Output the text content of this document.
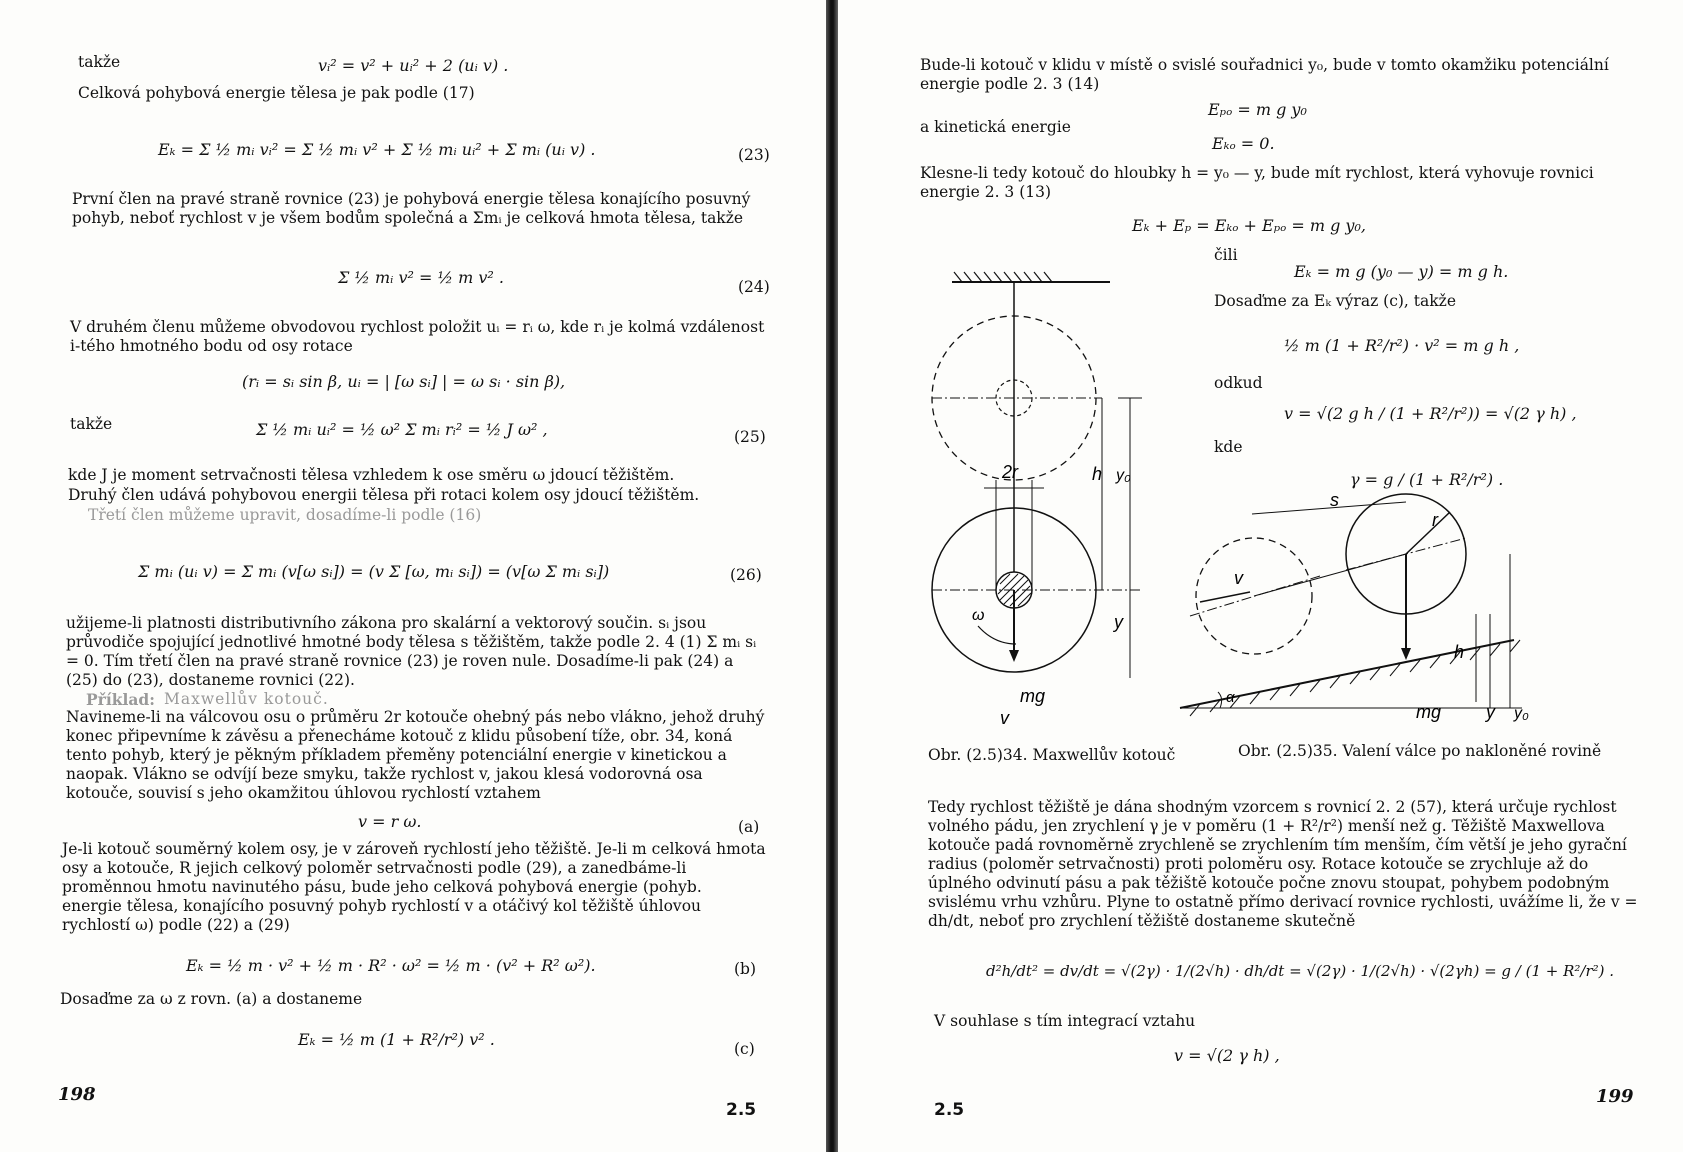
takže	vᵢ² = v² + uᵢ² + 2 (uᵢ v) .
Celková pohybová energie tělesa je pak podle (17)
Eₖ = Σ ½ mᵢ vᵢ² = Σ ½ mᵢ v² + Σ ½ mᵢ uᵢ² + Σ mᵢ (uᵢ v) .	(23)
První člen na pravé straně rovnice (23) je pohybová energie tělesa konajícího posuvný pohyb, neboť rychlost v je všem bodům společná a Σmᵢ je celková hmota tělesa, takže
Σ ½ mᵢ v² = ½ m v² .	(24)
V druhém členu můžeme obvodovou rychlost položit uᵢ = rᵢ ω, kde rᵢ je kolmá vzdálenost i-tého hmotného bodu od osy rotace
(rᵢ = sᵢ sin β, uᵢ = | [ω sᵢ] | = ω sᵢ · sin β),
takže	Σ ½ mᵢ uᵢ² = ½ ω² Σ mᵢ rᵢ² = ½ J ω² ,	(25)
kde J je moment setrvačnosti tělesa vzhledem k ose směru ω jdoucí těžištěm.
Druhý člen udává pohybovou energii tělesa při rotaci kolem osy jdoucí těžištěm.
Třetí člen můžeme upravit, dosadíme-li podle (16)
Σ mᵢ (uᵢ v) = Σ mᵢ (v[ω sᵢ]) = (v Σ [ω, mᵢ sᵢ]) = (v[ω Σ mᵢ sᵢ])	(26)
užijeme-li platnosti distributivního zákona pro skalární a vektorový součin. sᵢ jsou průvodiče spojující jednotlivé hmotné body tělesa s těžištěm, takže podle 2. 4 (1) Σ mᵢ sᵢ = 0. Tím třetí člen na pravé straně rovnice (23) je roven nule. Dosadíme-li pak (24) a (25) do (23), dostaneme rovnici (22).
Příklad: Maxwellův kotouč.
Navineme-li na válcovou osu o průměru 2r kotouče ohebný pás nebo vlákno, jehož druhý konec připevníme k závěsu a přenecháme kotouč z klidu působení tíže, obr. 34, koná tento pohyb, který je pěkným příkladem přeměny potenciální energie v kinetickou a naopak. Vlákno se odvíjí beze smyku, takže rychlost v, jakou klesá vodorovná osa kotouče, souvisí s jeho okamžitou úhlovou rychlostí vztahem
v = r ω.	(a)
Je-li kotouč souměrný kolem osy, je v zároveň rychlostí jeho těžiště. Je-li m celková hmota osy a kotouče, R jejich celkový poloměr setrvačnosti podle (29), a zanedbáme-li proměnnou hmotu navinutého pásu, bude jeho celková pohybová energie (pohyb. energie tělesa, konajícího posuvný pohyb rychlostí v a otáčivý kol těžiště úhlovou rychlostí ω) podle (22) a (29)
Eₖ = ½ m · v² + ½ m · R² · ω² = ½ m · (v² + R² ω²).	(b)
Dosaďme za ω z rovn. (a) a dostaneme
Eₖ = ½ m (1 + R²/r²) v² .	(c)
198
2.5
Bude-li kotouč v klidu v místě o svislé souřadnici y₀, bude v tomto okamžiku potenciální energie podle 2. 3 (14)
Eₚₒ = m g y₀
a kinetická energie
Eₖₒ = 0.
Klesne-li tedy kotouč do hloubky h = y₀ — y, bude mít rychlost, která vyhovuje rovnici energie 2. 3 (13)
Eₖ + Eₚ = Eₖₒ + Eₚₒ = m g y₀,
čili
Eₖ = m g (y₀ — y) = m g h.
Dosaďme za Eₖ výraz (c), takže
½ m (1 + R²/r²) · v² = m g h ,
odkud
v = √(2 g h / (1 + R²/r²)) = √(2 γ h) ,
kde
γ = g / (1 + R²/r²) .
2r	h y₀
y
ω
mg
v
s
r
v
α
h
mg y y₀
Obr. (2.5)34. Maxwellův kotouč	Obr. (2.5)35. Valení válce po nakloněné rovině
Tedy rychlost těžiště je dána shodným vzorcem s rovnicí 2. 2 (57), která určuje rychlost volného pádu, jen zrychlení γ je v poměru (1 + R²/r²) menší než g. Těžiště Maxwellova kotouče padá rovnoměrně zrychleně se zrychlením tím menším, čím větší je jeho gyrační radius (poloměr setrvačnosti) proti poloměru osy. Rotace kotouče se zrychluje až do úplného odvinutí pásu a pak těžiště kotouče počne znovu stoupat, pohybem podobným svislému vrhu vzhůru. Plyne to ostatně přímo derivací rovnice rychlosti, uvážíme li, že v = dh/dt, neboť pro zrychlení těžiště dostaneme skutečně
d²h/dt² = dv/dt = √(2γ) · 1/(2√h) · dh/dt = √(2γ) · 1/(2√h) · √(2γh) = g / (1 + R²/r²) .
V souhlase s tím integrací vztahu
v = √(2 γ h) ,
2.5
199
